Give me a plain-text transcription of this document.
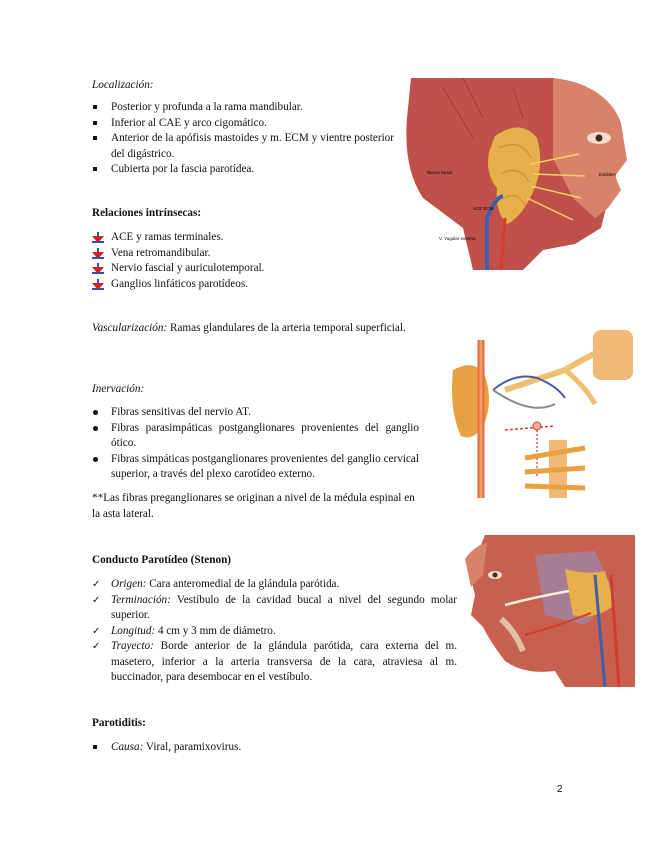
Localización:
Posterior y profunda a la rama mandibular.
Inferior al CAE y arco cigomático.
Anterior de la apófisis mastoides y m. ECM y vientre posterior del digástrico.
Cubierta por la fascia parotídea.
Relaciones intrínsecas:
ACE y ramas terminales.
Vena retromandibular.
Nervio fascial y auriculotemporal.
Ganglios linfáticos parotídeos.
Vascularización: Ramas glandulares de la arteria temporal superficial.
Inervación:
Fibras sensitivas del nervio AT.
Fibras parasimpáticas postganglionares provenientes del ganglio ótico.
Fibras simpáticas postganglionares provenientes del ganglio cervical superior, a través del plexo carotídeo externo.
**Las fibras preganglionares se originan a nivel de la médula espinal en la asta lateral.
Conducto Parotídeo (Stenon)
✓ Origen: Cara anteromedial de la glándula parótida.
✓ Terminación: Vestíbulo de la cavidad bucal a nivel del segundo molar superior.
✓ Longitud: 4 cm y 3 mm de diámetro.
✓ Trayecto: Borde anterior de la glándula parótida, cara externa del m. masetero, inferior a la arteria transversa de la cara, atraviesa al m. buccinador, para desembocar en el vestíbulo.
Parotiditis:
Causa: Viral, paramixovirus.
2
Nervio facial	Estilides
ACE ECM
V. Yugular externa
